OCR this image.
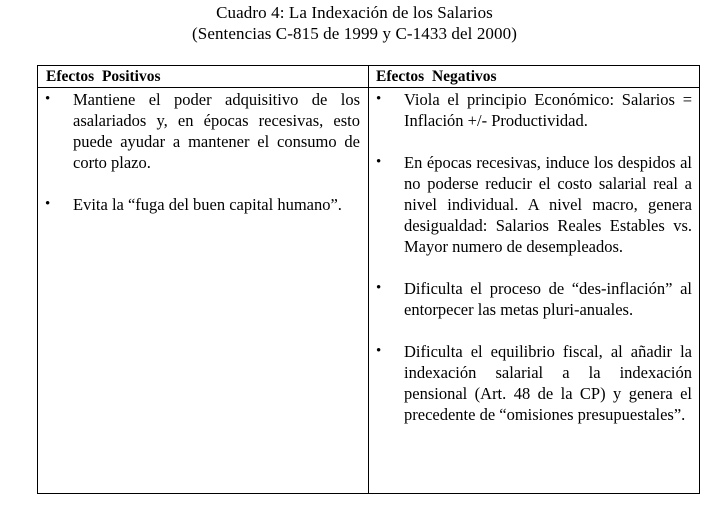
Cuadro 4: La Indexación de los Salarios
(Sentencias C-815 de 1999 y C-1433 del 2000)
Efectos  Positivos	Efectos  Negativos
• Mantiene el poder adquisitivo de los asalariados y, en épocas recesivas, esto puede ayudar a mantener el consumo de corto plazo.
• Evita la “fuga del buen capital humano”.
• Viola el principio Económico: Salarios = Inflación +/- Productividad.
• En épocas recesivas, induce los despidos al no poderse reducir el costo salarial real a nivel individual. A nivel macro, genera desigualdad: Salarios Reales Estables vs. Mayor numero de desempleados.
• Dificulta el proceso de “des-inflación” al entorpecer las metas pluri-anuales.
• Dificulta el equilibrio fiscal, al añadir la indexación salarial a la indexación pensional (Art. 48 de la CP) y genera el precedente de “omisiones presupuestales”.
